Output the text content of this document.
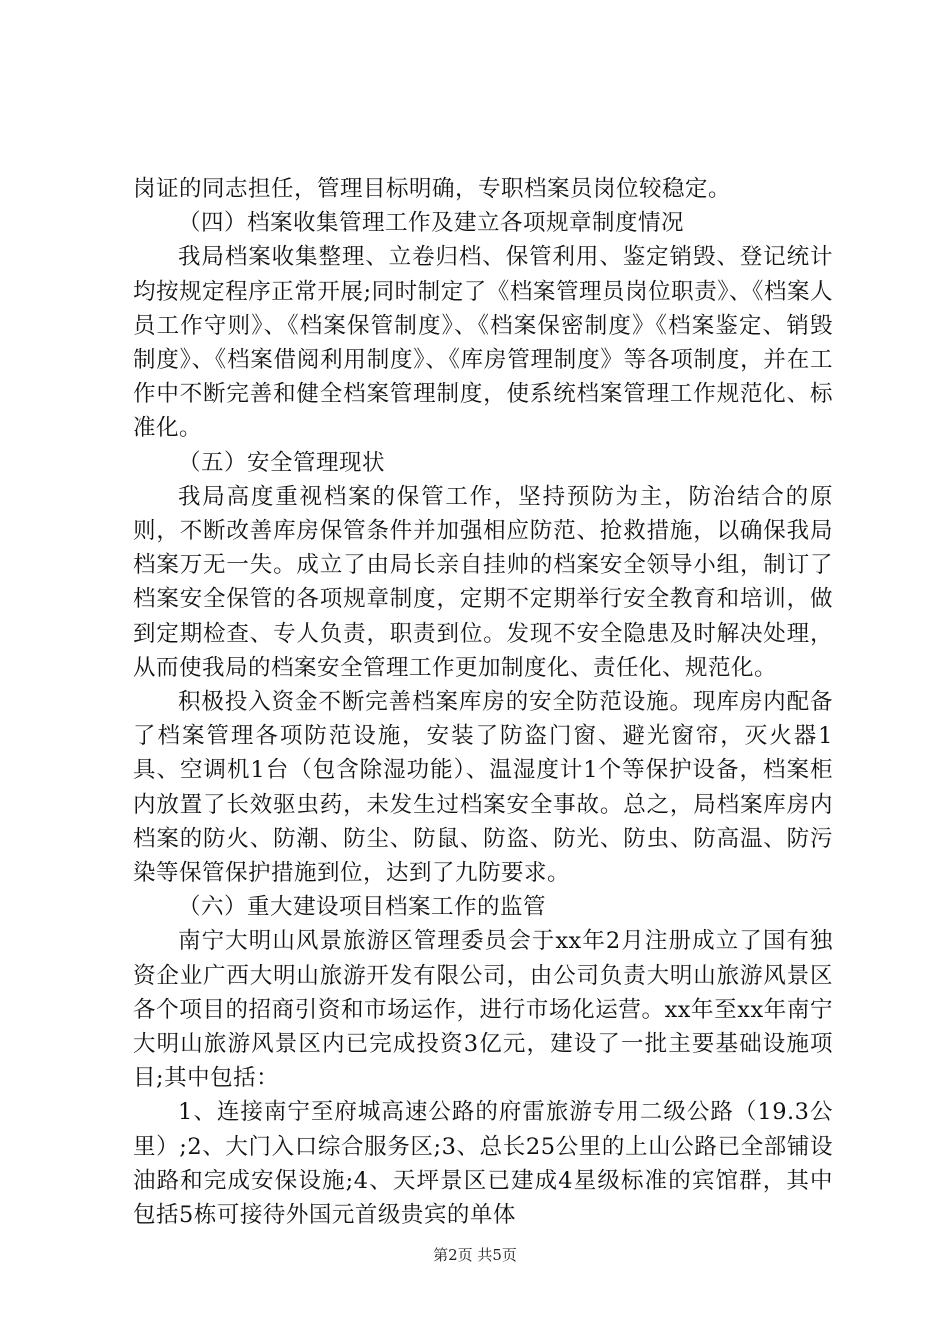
岗证的同志担任，管理目标明确，专职档案员岗位较稳定。

（四）档案收集管理工作及建立各项规章制度情况

我局档案收集整理、立卷归档、保管利用、鉴定销毁、登记统计均按规定程序正常开展;同时制定了《档案管理员岗位职责》、《档案人员工作守则》、《档案保管制度》、《档案保密制度》《档案鉴定、销毁制度》、《档案借阅利用制度》、《库房管理制度》等各项制度，并在工作中不断完善和健全档案管理制度，使系统档案管理工作规范化、标准化。

（五）安全管理现状

我局高度重视档案的保管工作，坚持预防为主，防治结合的原则，不断改善库房保管条件并加强相应防范、抢救措施，以确保我局档案万无一失。成立了由局长亲自挂帅的档案安全领导小组，制订了档案安全保管的各项规章制度，定期不定期举行安全教育和培训，做到定期检查、专人负责，职责到位。发现不安全隐患及时解决处理，从而使我局的档案安全管理工作更加制度化、责任化、规范化。

积极投入资金不断完善档案库房的安全防范设施。现库房内配备了档案管理各项防范设施，安装了防盗门窗、避光窗帘，灭火器1具、空调机1台（包含除湿功能）、温湿度计1个等保护设备，档案柜内放置了长效驱虫药，未发生过档案安全事故。总之，局档案库房内档案的防火、防潮、防尘、防鼠、防盗、防光、防虫、防高温、防污染等保管保护措施到位，达到了九防要求。

（六）重大建设项目档案工作的监管

南宁大明山风景旅游区管理委员会于xx年2月注册成立了国有独资企业广西大明山旅游开发有限公司，由公司负责大明山旅游风景区各个项目的招商引资和市场运作，进行市场化运营。xx年至xx年南宁大明山旅游风景区内已完成投资3亿元，建设了一批主要基础设施项目;其中包括：

1、连接南宁至府城高速公路的府雷旅游专用二级公路（19.3公里）;2、大门入口综合服务区;3、总长25公里的上山公路已全部铺设油路和完成安保设施;4、天坪景区已建成4星级标准的宾馆群，其中包括5栋可接待外国元首级贵宾的单体

第2页 共5页
